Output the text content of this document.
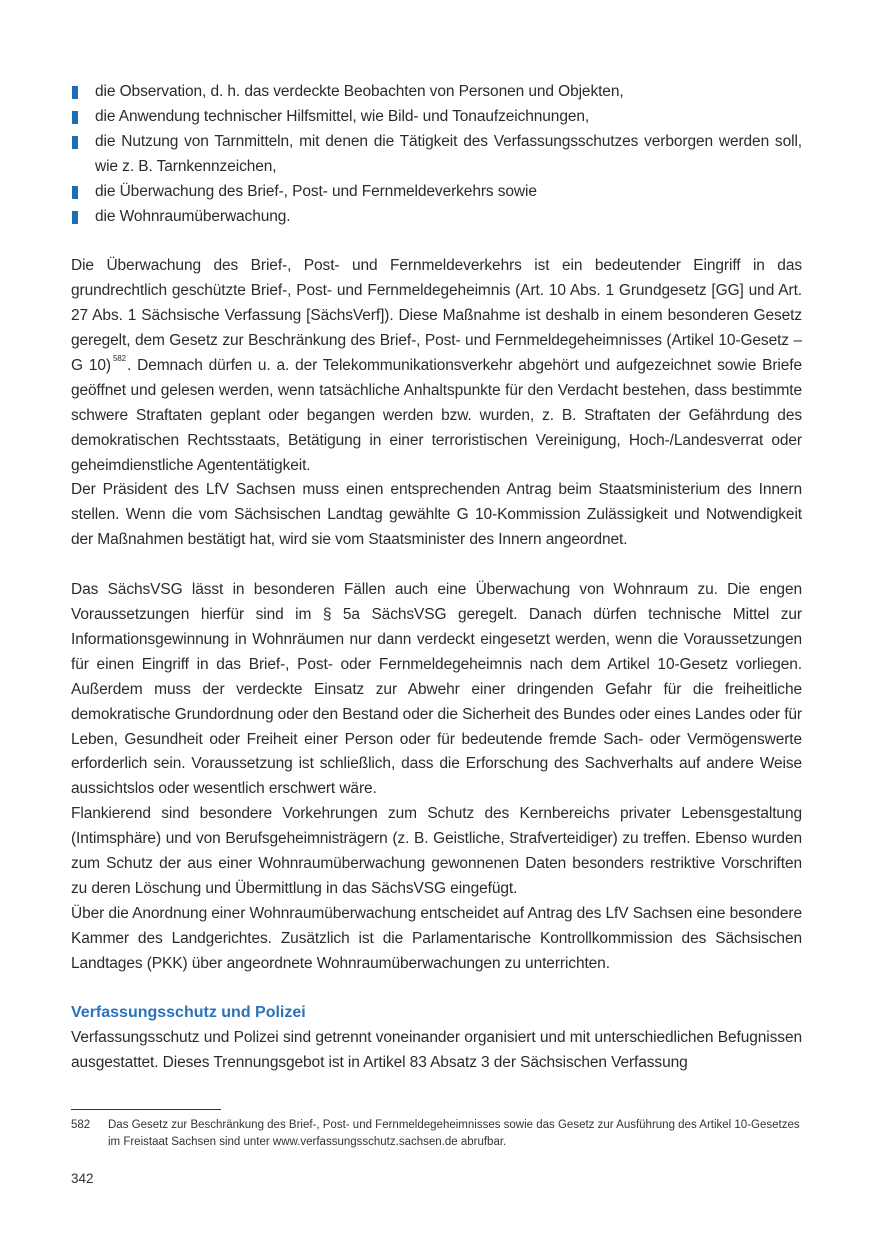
die Observation, d. h. das verdeckte Beobachten von Personen und Objekten,
die Anwendung technischer Hilfsmittel, wie Bild- und Tonaufzeichnungen,
die Nutzung von Tarnmitteln, mit denen die Tätigkeit des Verfassungsschutzes verborgen werden soll, wie z. B. Tarnkennzeichen,
die Überwachung des Brief-, Post- und Fernmeldeverkehrs sowie
die Wohnraumüberwachung.

Die Überwachung des Brief-, Post- und Fernmeldeverkehrs ist ein bedeutender Eingriff in das grundrechtlich geschützte Brief-, Post- und Fernmeldegeheimnis (Art. 10 Abs. 1 Grundgesetz [GG] und Art. 27 Abs. 1 Sächsische Verfassung [SächsVerf]). Diese Maßnahme ist deshalb in einem besonderen Gesetz geregelt, dem Gesetz zur Beschränkung des Brief-, Post- und Fernmeldegeheimnisses (Artikel 10-Gesetz – G 10) $^{582}$. Demnach dürfen u. a. der Telekommunikationsverkehr abgehört und aufgezeichnet sowie Briefe geöffnet und gelesen werden, wenn tatsächliche Anhaltspunkte für den Verdacht bestehen, dass bestimmte schwere Straftaten geplant oder begangen werden bzw. wurden, z. B. Straftaten der Gefährdung des demokratischen Rechtsstaats, Betätigung in einer terroristischen Vereinigung, Hoch-/Landesverrat oder geheimdienstliche Agententätigkeit.

Der Präsident des LfV Sachsen muss einen entsprechenden Antrag beim Staatsministerium des Innern stellen. Wenn die vom Sächsischen Landtag gewählte G 10-Kommission Zulässigkeit und Notwendigkeit der Maßnahmen bestätigt hat, wird sie vom Staatsminister des Innern angeordnet.

Das SächsVSG lässt in besonderen Fällen auch eine Überwachung von Wohnraum zu. Die engen Voraussetzungen hierfür sind im § 5a SächsVSG geregelt. Danach dürfen technische Mittel zur Informationsgewinnung in Wohnräumen nur dann verdeckt eingesetzt werden, wenn die Voraussetzungen für einen Eingriff in das Brief-, Post- oder Fernmeldegeheimnis nach dem Artikel 10-Gesetz vorliegen. Außerdem muss der verdeckte Einsatz zur Abwehr einer dringenden Gefahr für die freiheitliche demokratische Grundordnung oder den Bestand oder die Sicherheit des Bundes oder eines Landes oder für Leben, Gesundheit oder Freiheit einer Person oder für bedeutende fremde Sach- oder Vermögenswerte erforderlich sein. Voraussetzung ist schließlich, dass die Erforschung des Sachverhalts auf andere Weise aussichtslos oder wesentlich erschwert wäre.

Flankierend sind besondere Vorkehrungen zum Schutz des Kernbereichs privater Lebensgestaltung (Intimsphäre) und von Berufsgeheimnisträgern (z. B. Geistliche, Strafverteidiger) zu treffen. Ebenso wurden zum Schutz der aus einer Wohnraumüberwachung gewonnenen Daten besonders restriktive Vorschriften zu deren Löschung und Übermittlung in das SächsVSG eingefügt.

Über die Anordnung einer Wohnraumüberwachung entscheidet auf Antrag des LfV Sachsen eine besondere Kammer des Landgerichtes. Zusätzlich ist die Parlamentarische Kontrollkommission des Sächsischen Landtages (PKK) über angeordnete Wohnraumüberwachungen zu unterrichten.

Verfassungsschutz und Polizei

Verfassungsschutz und Polizei sind getrennt voneinander organisiert und mit unterschiedlichen Befugnissen ausgestattet. Dieses Trennungsgebot ist in Artikel 83 Absatz 3 der Sächsischen Verfassung

582	Das Gesetz zur Beschränkung des Brief-, Post- und Fernmeldegeheimnisses sowie das Gesetz zur Ausführung des Artikel 10-Gesetzes im Freistaat Sachsen sind unter www.verfassungsschutz.sachsen.de abrufbar.
342
